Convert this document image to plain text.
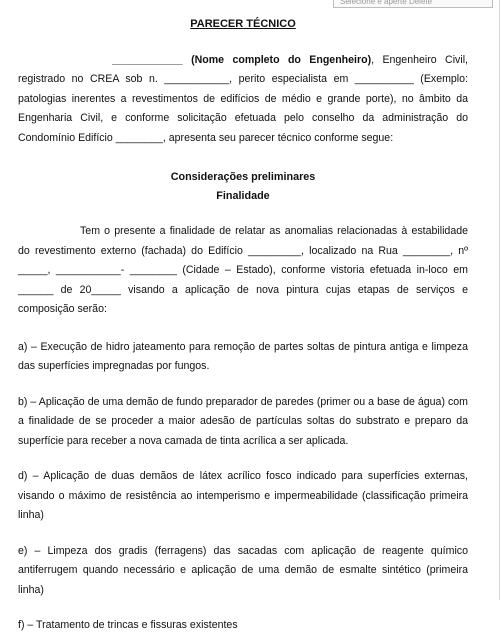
Selecione e aperte Delete
PARECER TÉCNICO

____________ (Nome completo do Engenheiro), Engenheiro Civil, registrado no CREA sob n. ___________, perito especialista em __________ (Exemplo: patologias inerentes a revestimentos de edifícios de médio e grande porte), no âmbito da Engenharia Civil, e conforme solicitação efetuada pelo conselho da administração do Condomínio Edifício ________, apresenta seu parecer técnico conforme segue:

Considerações preliminares
Finalidade

Tem o presente a finalidade de relatar as anomalias relacionadas à estabilidade do revestimento externo (fachada) do Edifício _________, localizado na Rua ________, nº _____, ___________- ________ (Cidade – Estado), conforme vistoria efetuada in-loco em ______ de 20_____ visando a aplicação de nova pintura cujas etapas de serviços e composição serão:

a) – Execução de hidro jateamento para remoção de partes soltas de pintura antiga e limpeza das superfícies impregnadas por fungos.

b) – Aplicação de uma demão de fundo preparador de paredes (primer ou a base de água) com a finalidade de se proceder a maior adesão de partículas soltas do substrato e preparo da superfície para receber a nova camada de tinta acrílica a ser aplicada.

d) – Aplicação de duas demãos de látex acrílico fosco indicado para superfícies externas, visando o máximo de resistência ao intemperismo e impermeabilidade (classificação primeira linha)

e) – Limpeza dos gradis (ferragens) das sacadas com aplicação de reagente químico antiferrugem quando necessário e aplicação de uma demão de esmalte sintético (primeira linha)

f) – Tratamento de trincas e fissuras existentes
